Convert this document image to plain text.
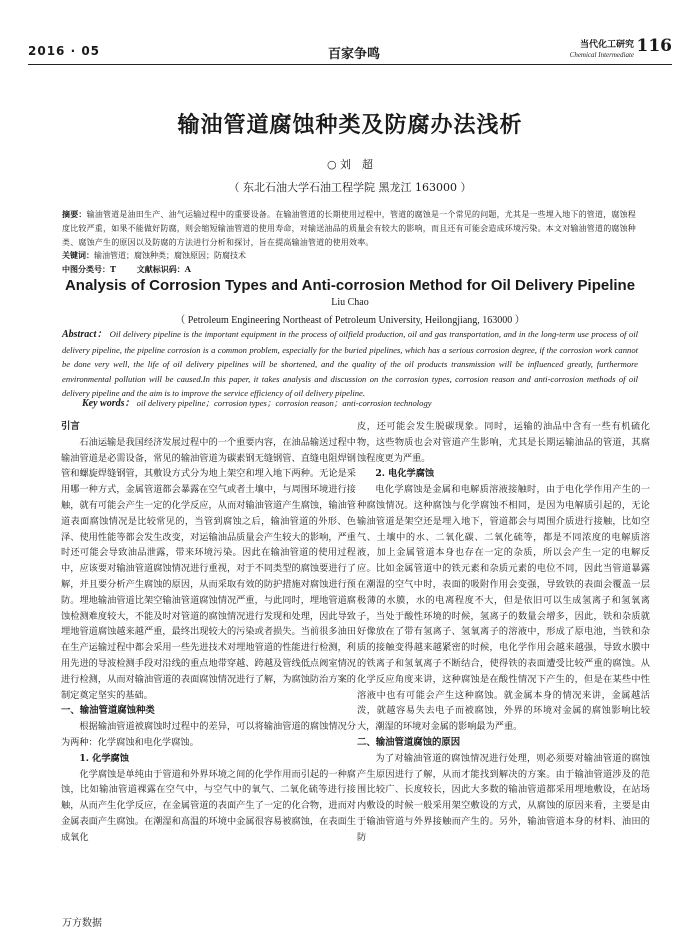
2016 · 05	百家争鸣
当代化工研究
Chemical Intermediate 116
输油管道腐蚀种类及防腐办法浅析
○ 刘　超
（ 东北石油大学石油工程学院 黑龙江 163000 ）
摘要：输油管道是油田生产、油气运输过程中的重要设备。在输油管道的长期使用过程中，管道的腐蚀是一个常见的问题，尤其是一些埋入地下的管道，腐蚀程度比较严重，如果不能做好防腐，则会缩短输油管道的使用寿命，对输送油品的质量会有较大的影响，而且还有可能会造成环境污染。本文对输油管道的腐蚀种类、腐蚀产生的原因以及防腐的方法进行分析和探讨，旨在提高输油管道的使用效率。
关键词：输油管道；腐蚀种类；腐蚀原因；防腐技术
中图分类号：T	文献标识码：A
Analysis of Corrosion Types and Anti-corrosion Method for Oil Delivery Pipeline
Liu Chao
（ Petroleum Engineering Northeast of Petroleum University, Heilongjiang, 163000 ）
Abstract： Oil delivery pipeline is the important equipment in the process of oilfield production, oil and gas transportation, and in the long-term use process of oil delivery pipeline, the pipeline corrosion is a common problem, especially for the buried pipelines, which has a serious corrosion degree, if the corrosion work cannot be done very well, the life of oil delivery pipelines will be shortened, and the quality of the oil products transmission will be influenced greatly, furthermore environmental pollution will be caused.In this paper, it takes analysis and discussion on the corrosion types, corrosion reason and anti-corrosion methods of oil delivery pipeline and the aim is to improve the service efficiency of oil delivery pipeline.
Key words： oil delivery pipeline；corrosion types；corrosion reason；anti-corrosion technology

引言

石油运输是我国经济发展过程中的一个重要内容，在油品输送过程中输油管道是必需设备，常见的输油管道为碳素钢无缝钢管、直缝电阻焊钢管和螺旋焊缝钢管，其敷设方式分为地上架空和埋入地下两种。无论是采用哪一种方式，金属管道都会暴露在空气或者土壤中，与周围环境进行接触，就有可能会产生一定的化学反应，从而对输油管道产生腐蚀，输油管道表面腐蚀情况是比较常见的，当管到腐蚀之后，输油管道的外形、色泽、使用性能等都会发生改变，对运输油品质量会产生较大的影响，严重时还可能会导致油品泄露，带来环境污染。因此在输油管道的使用过程中，应该要对输油管道腐蚀情况进行重视，对于不同类型的腐蚀要进行了解，并且要分析产生腐蚀的原因，从而采取有效的防护措施对腐蚀进行预防。埋地输油管道比架空输油管道腐蚀情况严重，与此同时，埋地管道腐蚀检测难度较大，不能及时对管道的腐蚀情况进行发现和处理，因此导致埋地管道腐蚀越来越严重，最终出现较大的污染或者损失。当前很多油田在生产运输过程中都会采用一些先进技术对埋地管道的性能进行检测，利用先进的导波检测手段对沿线的重点地带穿越、跨越及管线低点阀室情况进行检测，从而对输油管道的表面腐蚀情况进行了解，为腐蚀防治方案的制定奠定坚实的基础。

一、输油管道腐蚀种类

根据输油管道被腐蚀时过程中的差异，可以将输油管道的腐蚀情况分为两种：化学腐蚀和电化学腐蚀。

1. 化学腐蚀

化学腐蚀是单纯由于管道和外界环境之间的化学作用而引起的一种腐蚀，比如输油管道裸露在空气中，与空气中的氧气、二氧化硫等进行接触，从而产生化学反应，在金属管道的表面产生了一定的化合物，进而对金属表面产生腐蚀。在潮湿和高温的环境中金属很容易被腐蚀，在表面生成氧化

皮，还可能会发生脱碳现象。同时，运输的油品中含有一些有机硫化物，这些物质也会对管道产生影响，尤其是长期运输油品的管道，其腐蚀程度更为严重。

2. 电化学腐蚀

电化学腐蚀是金属和电解质溶液接触时，由于电化学作用产生的一种腐蚀情况。这种腐蚀与化学腐蚀不相同，是因为电解质引起的，无论输油管道是架空还是埋入地下，管道都会与周围介质进行接触，比如空气、土壤中的水、二氧化碳、二氧化硫等，都是不同浓度的电解质溶液，加上金属管道本身也存在一定的杂质，所以会产生一定的电解反应。比如金属管道中的铁元素和杂质元素的电位不同，因此当管道暴露在潮湿的空气中时，表面的吸附作用会变强，导致铁的表面会覆盖一层极薄的水膜，水的电离程度不大，但是依旧可以生成氢离子和氢氧离子，当处于酸性环境的时候，氢离子的数量会增多，因此，铁和杂质就好像放在了带有氢离子、氢氧离子的溶液中，形成了原电池，当铁和杂质的接触变得越来越紧密的时候，电化学作用会越来越强，导致水膜中的铁离子和氢氧离子不断结合，使得铁的表面遭受比较严重的腐蚀。从化学反应角度来讲，这种腐蚀是在酸性情况下产生的，但是在某些中性溶液中也有可能会产生这种腐蚀。就金属本身的情况来讲，金属越活泼，就越容易失去电子而被腐蚀，外界的环境对金属的腐蚀影响比较大，潮湿的环境对金属的影响最为严重。

二、输油管道腐蚀的原因

为了对输油管道的腐蚀情况进行处理，则必须要对输油管道的腐蚀产生原因进行了解，从而才能找到解决的方案。由于输油管道涉及的范围比较广、长度较长，因此大多数的输油管道都采用埋地敷设，在站场内敷设的时候一般采用架空敷设的方式，从腐蚀的原因来看，主要是由于输油管道与外界接触而产生的。另外，输油管道本身的材料、油田的防

万方数据
